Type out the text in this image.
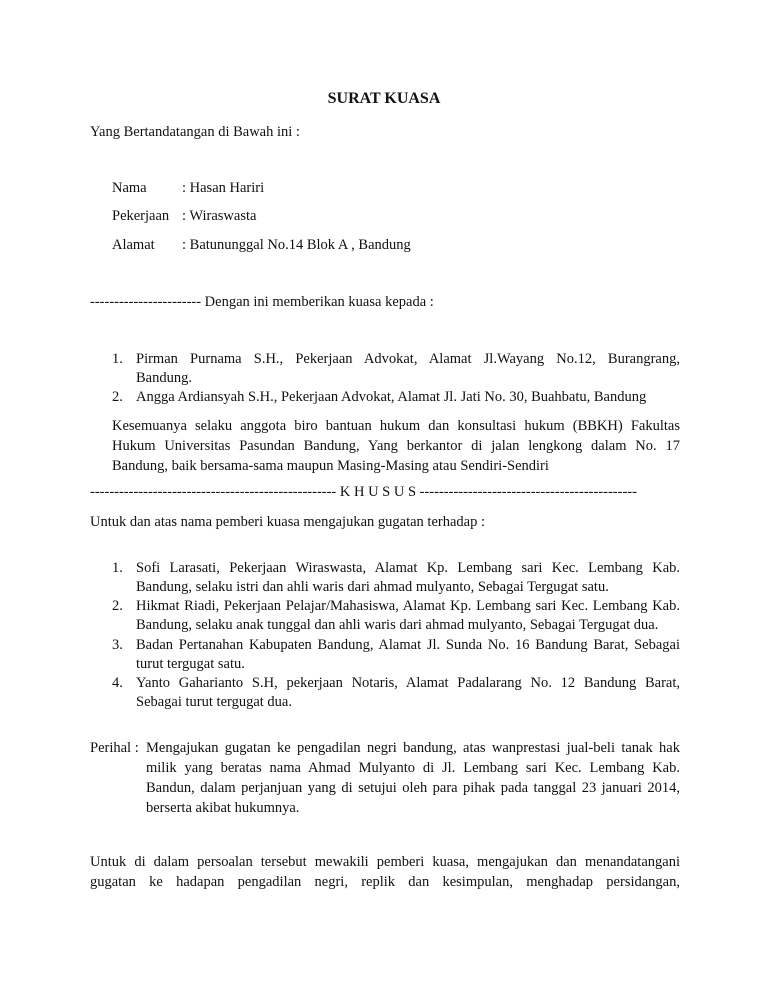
SURAT KUASA
Yang Bertandatangan di Bawah ini :
Nama : Hasan Hariri
Pekerjaan : Wiraswasta
Alamat : Batununggal No.14 Blok A , Bandung
----------------------- Dengan ini memberikan kuasa kepada :
1. Pirman Purnama S.H., Pekerjaan Advokat, Alamat Jl.Wayang No.12, Burangrang,
Bandung.
2. Angga Ardiansyah S.H., Pekerjaan Advokat, Alamat Jl. Jati No. 30, Buahbatu, Bandung
Kesemuanya selaku anggota biro bantuan hukum dan konsultasi hukum (BBKH) Fakultas
Hukum Universitas Pasundan Bandung, Yang berkantor di jalan lengkong dalam No. 17
Bandung, baik bersama-sama maupun Masing-Masing atau Sendiri-Sendiri
--------------------------------------------------- K H U S U S ---------------------------------------------
Untuk dan atas nama pemberi kuasa mengajukan gugatan terhadap :
1. Sofi Larasati, Pekerjaan Wiraswasta, Alamat Kp. Lembang sari Kec. Lembang Kab.
Bandung, selaku istri dan ahli waris dari ahmad mulyanto, Sebagai Tergugat satu.
2. Hikmat Riadi, Pekerjaan Pelajar/Mahasiswa, Alamat Kp. Lembang sari Kec. Lembang Kab.
Bandung, selaku anak tunggal dan ahli waris dari ahmad mulyanto, Sebagai Tergugat dua.
3. Badan Pertanahan Kabupaten Bandung, Alamat Jl. Sunda No. 16 Bandung Barat, Sebagai
turut tergugat satu.
4. Yanto Gaharianto S.H, pekerjaan Notaris, Alamat Padalarang No. 12 Bandung Barat,
Sebagai turut tergugat dua.
Perihal : Mengajukan gugatan ke pengadilan negri bandung, atas wanprestasi jual-beli tanak hak
milik yang beratas nama Ahmad Mulyanto di Jl. Lembang sari Kec. Lembang Kab.
Bandun, dalam perjanjuan yang di setujui oleh para pihak pada tanggal 23 januari 2014,
berserta akibat hukumnya.
Untuk di dalam persoalan tersebut mewakili pemberi kuasa, mengajukan dan menandatangani
gugatan ke hadapan pengadilan negri, replik dan kesimpulan, menghadap persidangan,
